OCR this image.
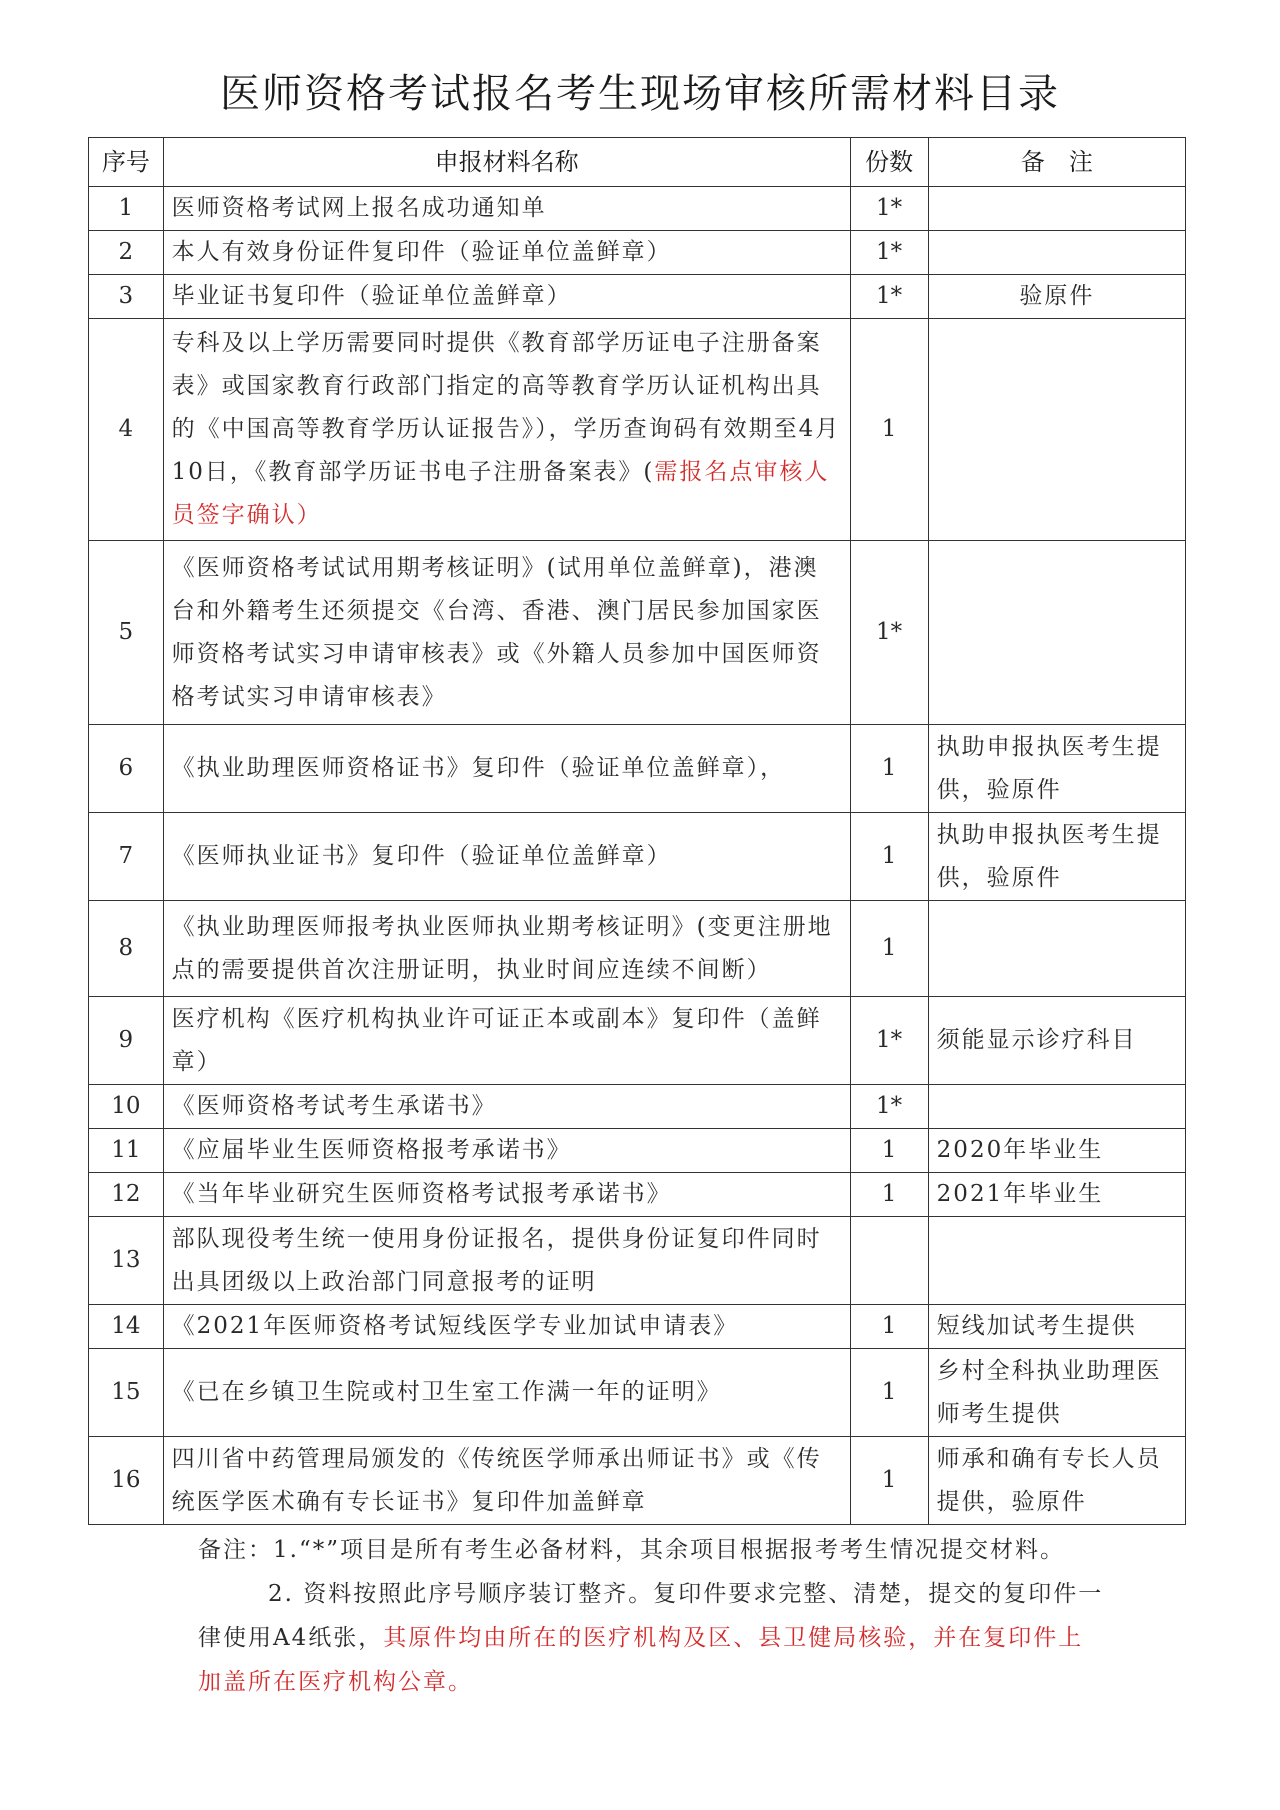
医师资格考试报名考生现场审核所需材料目录
序号	申报材料名称	份数	备　注
1	医师资格考试网上报名成功通知单	1*	
2	本人有效身份证件复印件（验证单位盖鲜章）	1*	
3	毕业证书复印件（验证单位盖鲜章）	1*	验原件
4	专科及以上学历需要同时提供《教育部学历证电子注册备案表》或国家教育行政部门指定的高等教育学历认证机构出具的《中国高等教育学历认证报告》），学历查询码有效期至4月10日，《教育部学历证书电子注册备案表》(需报名点审核人员签字确认）	1	
5	《医师资格考试试用期考核证明》(试用单位盖鲜章)，港澳台和外籍考生还须提交《台湾、香港、澳门居民参加国家医师资格考试实习申请审核表》或《外籍人员参加中国医师资格考试实习申请审核表》	1*	
6	《执业助理医师资格证书》复印件（验证单位盖鲜章），	1	执助申报执医考生提供，验原件
7	《医师执业证书》复印件（验证单位盖鲜章）	1	执助申报执医考生提供，验原件
8	《执业助理医师报考执业医师执业期考核证明》(变更注册地点的需要提供首次注册证明，执业时间应连续不间断）	1	
9	医疗机构《医疗机构执业许可证正本或副本》复印件（盖鲜章）	1*	须能显示诊疗科目
10	《医师资格考试考生承诺书》	1*	
11	《应届毕业生医师资格报考承诺书》	1	2020年毕业生
12	《当年毕业研究生医师资格考试报考承诺书》	1	2021年毕业生
13	部队现役考生统一使用身份证报名，提供身份证复印件同时出具团级以上政治部门同意报考的证明		
14	《2021年医师资格考试短线医学专业加试申请表》	1	短线加试考生提供
15	《已在乡镇卫生院或村卫生室工作满一年的证明》	1	乡村全科执业助理医师考生提供
16	四川省中药管理局颁发的《传统医学师承出师证书》或《传统医学医术确有专长证书》复印件加盖鲜章	1	师承和确有专长人员提供，验原件
备注：1.“*”项目是所有考生必备材料，其余项目根据报考考生情况提交材料。
2. 资料按照此序号顺序装订整齐。复印件要求完整、清楚，提交的复印件一律使用A4纸张，其原件均由所在的医疗机构及区、县卫健局核验，并在复印件上加盖所在医疗机构公章。
